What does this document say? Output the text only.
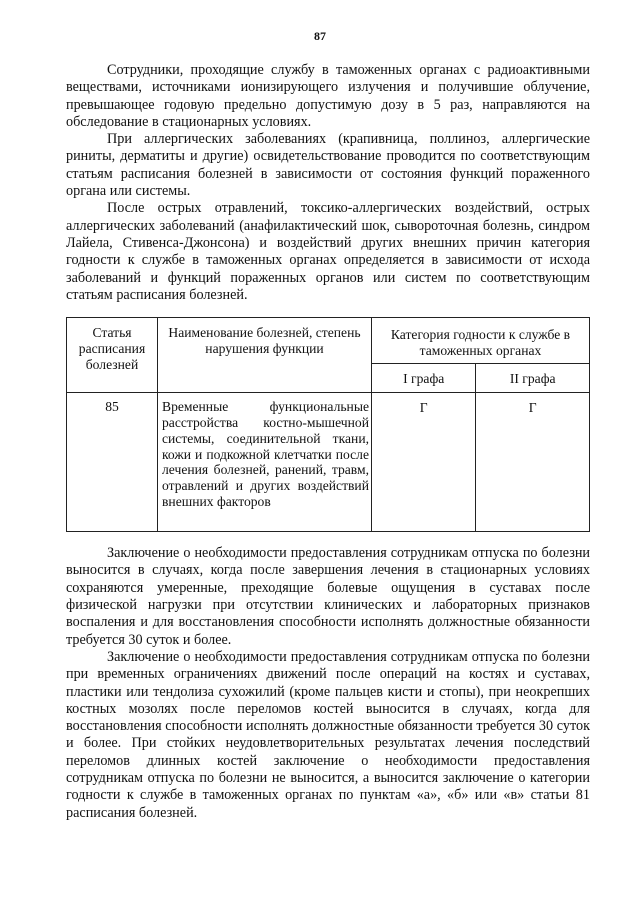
87

Сотрудники, проходящие службу в таможенных органах с радиоактивными веществами, источниками ионизирующего излучения и получившие облучение, превышающее годовую предельно допустимую дозу в 5 раз, направляются на обследование в стационарных условиях.

При аллергических заболеваниях (крапивница, поллиноз, аллергические риниты, дерматиты и другие) освидетельствование проводится по соответствующим статьям расписания болезней в зависимости от состояния функций пораженного органа или системы.

После острых отравлений, токсико-аллергических воздействий, острых аллергических заболеваний (анафилактический шок, сывороточная болезнь, синдром Лайела, Стивенса-Джонсона) и воздействий других внешних причин категория годности к службе в таможенных органах определяется в зависимости от исхода заболеваний и функций пораженных органов или систем по соответствующим статьям расписания болезней.

Статья расписания болезней	Наименование болезней, степень нарушения функции	Категория годности к службе в таможенных органах	
		I графа	II графа
85	Временные функциональные расстройства костно-мышечной системы, соединительной ткани, кожи и подкожной клетчатки после лечения болезней, ранений, травм, отравлений и других воздействий внешних факторов	Г	Г

Заключение о необходимости предоставления сотрудникам отпуска по болезни выносится в случаях, когда после завершения лечения в стационарных условиях сохраняются умеренные, преходящие болевые ощущения в суставах после физической нагрузки при отсутствии клинических и лабораторных признаков воспаления и для восстановления способности исполнять должностные обязанности требуется 30 суток и более.

Заключение о необходимости предоставления сотрудникам отпуска по болезни при временных ограничениях движений после операций на костях и суставах, пластики или тендолиза сухожилий (кроме пальцев кисти и стопы), при неокрепших костных мозолях после переломов костей выносится в случаях, когда для восстановления способности исполнять должностные обязанности требуется 30 суток и более. При стойких неудовлетворительных результатах лечения последствий переломов длинных костей заключение о необходимости предоставления сотрудникам отпуска по болезни не выносится, а выносится заключение о категории годности к службе в таможенных органах по пунктам «а», «б» или «в» статьи 81 расписания болезней.
